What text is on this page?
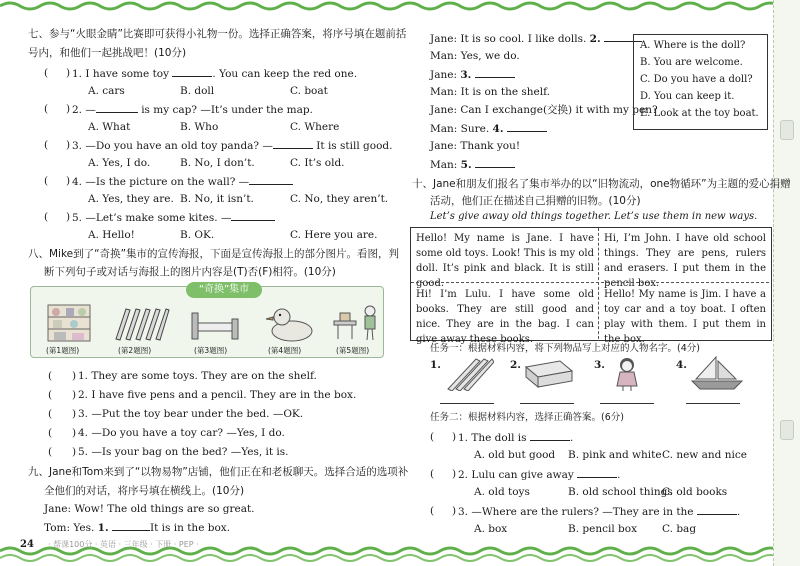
七、参与“火眼金睛”比赛即可获得小礼物一份。选择正确答案，将序号填在题前括
号内，和他们一起挑战吧！(10分)
( ) 1. I have some toy	. You can keep the red one.
A. cars	B. doll	C. boat
( ) 2. —	is my cap? —It’s under the map.
A. What	B. Who	C. Where
( ) 3. —Do you have an old toy panda? —	It is still good.
A. Yes, I do.	B. No, I don’t.	C. It’s old.
( ) 4. —Is the picture on the wall? —
A. Yes, they are. B. No, it isn’t.	C. No, they aren’t.
( ) 5. —Let’s make some kites. —
A. Hello!	B. OK.	C. Here you are.
八、Mike到了“奇换”集市的宣传海报，下面是宣传海报上的部分图片。看图，判
断下列句子或对话与海报上的图片内容是(T)否(F)相符。(10分)
“奇换”集市
(第1题图)	(第2题图)	(第3题图)	(第4题图)	(第5题图)
( ) 1. They are some toys. They are on the shelf.
( ) 2. I have five pens and a pencil. They are in the box.
( ) 3. —Put the toy bear under the bed. —OK.
( ) 4. —Do you have a toy car? —Yes, I do.
( ) 5. —Is your bag on the bed? —Yes, it is.
九、Jane和Tom来到了“以物易物”店铺，他们正在和老板聊天。选择合适的选项补
全他们的对话，将序号填在横线上。(10分)
Jane: Wow! The old things are so great.
Tom: Yes. 1.	It is in the box.
24 · 帮课100分 · 英语 · 三年级 · 下册 · PEP ·
Jane: It is so cool. I like dolls. 2.
Man: Yes, we do.
Jane: 3.
Man: It is on the shelf.
Jane: Can I exchange(交换) it with my pen?
Man: Sure. 4.
Jane: Thank you!
Man: 5.
A. Where is the doll?
B. You are welcome.
C. Do you have a doll?
D. You can keep it.
E. Look at the toy boat.
十、Jane和朋友们报名了集市举办的以“旧物流动，one物循环”为主题的爱心捐赠
活动，他们正在描述自己捐赠的旧物。(10分)
Let’s give away old things together. Let’s use them in new ways.
Hello! My name is Jane. I have some old toys. Look! This is my old doll. It’s pink and black. It is still good.
Hi, I’m John. I have old school things. They are pens, rulers and erasers. I put them in the pencil box.
Hi! I’m Lulu. I have some old books. They are still good and nice. They are in the bag. I can give away these books.
Hello! My name is Jim. I have a toy car and a toy boat. I often play with them. I put them in the box.
任务一：根据材料内容，将下列物品写上对应的人物名字。(4分)
1.	2.	3.	4.
任务二：根据材料内容，选择正确答案。(6分)
( ) 1. The doll is	.
A. old but good B. pink and white C. new and nice
( ) 2. Lulu can give away	.
A. old toys	B. old school things
C. old books
( ) 3. —Where are the rulers? —They are in the	.
A. box	B. pencil box C. bag
